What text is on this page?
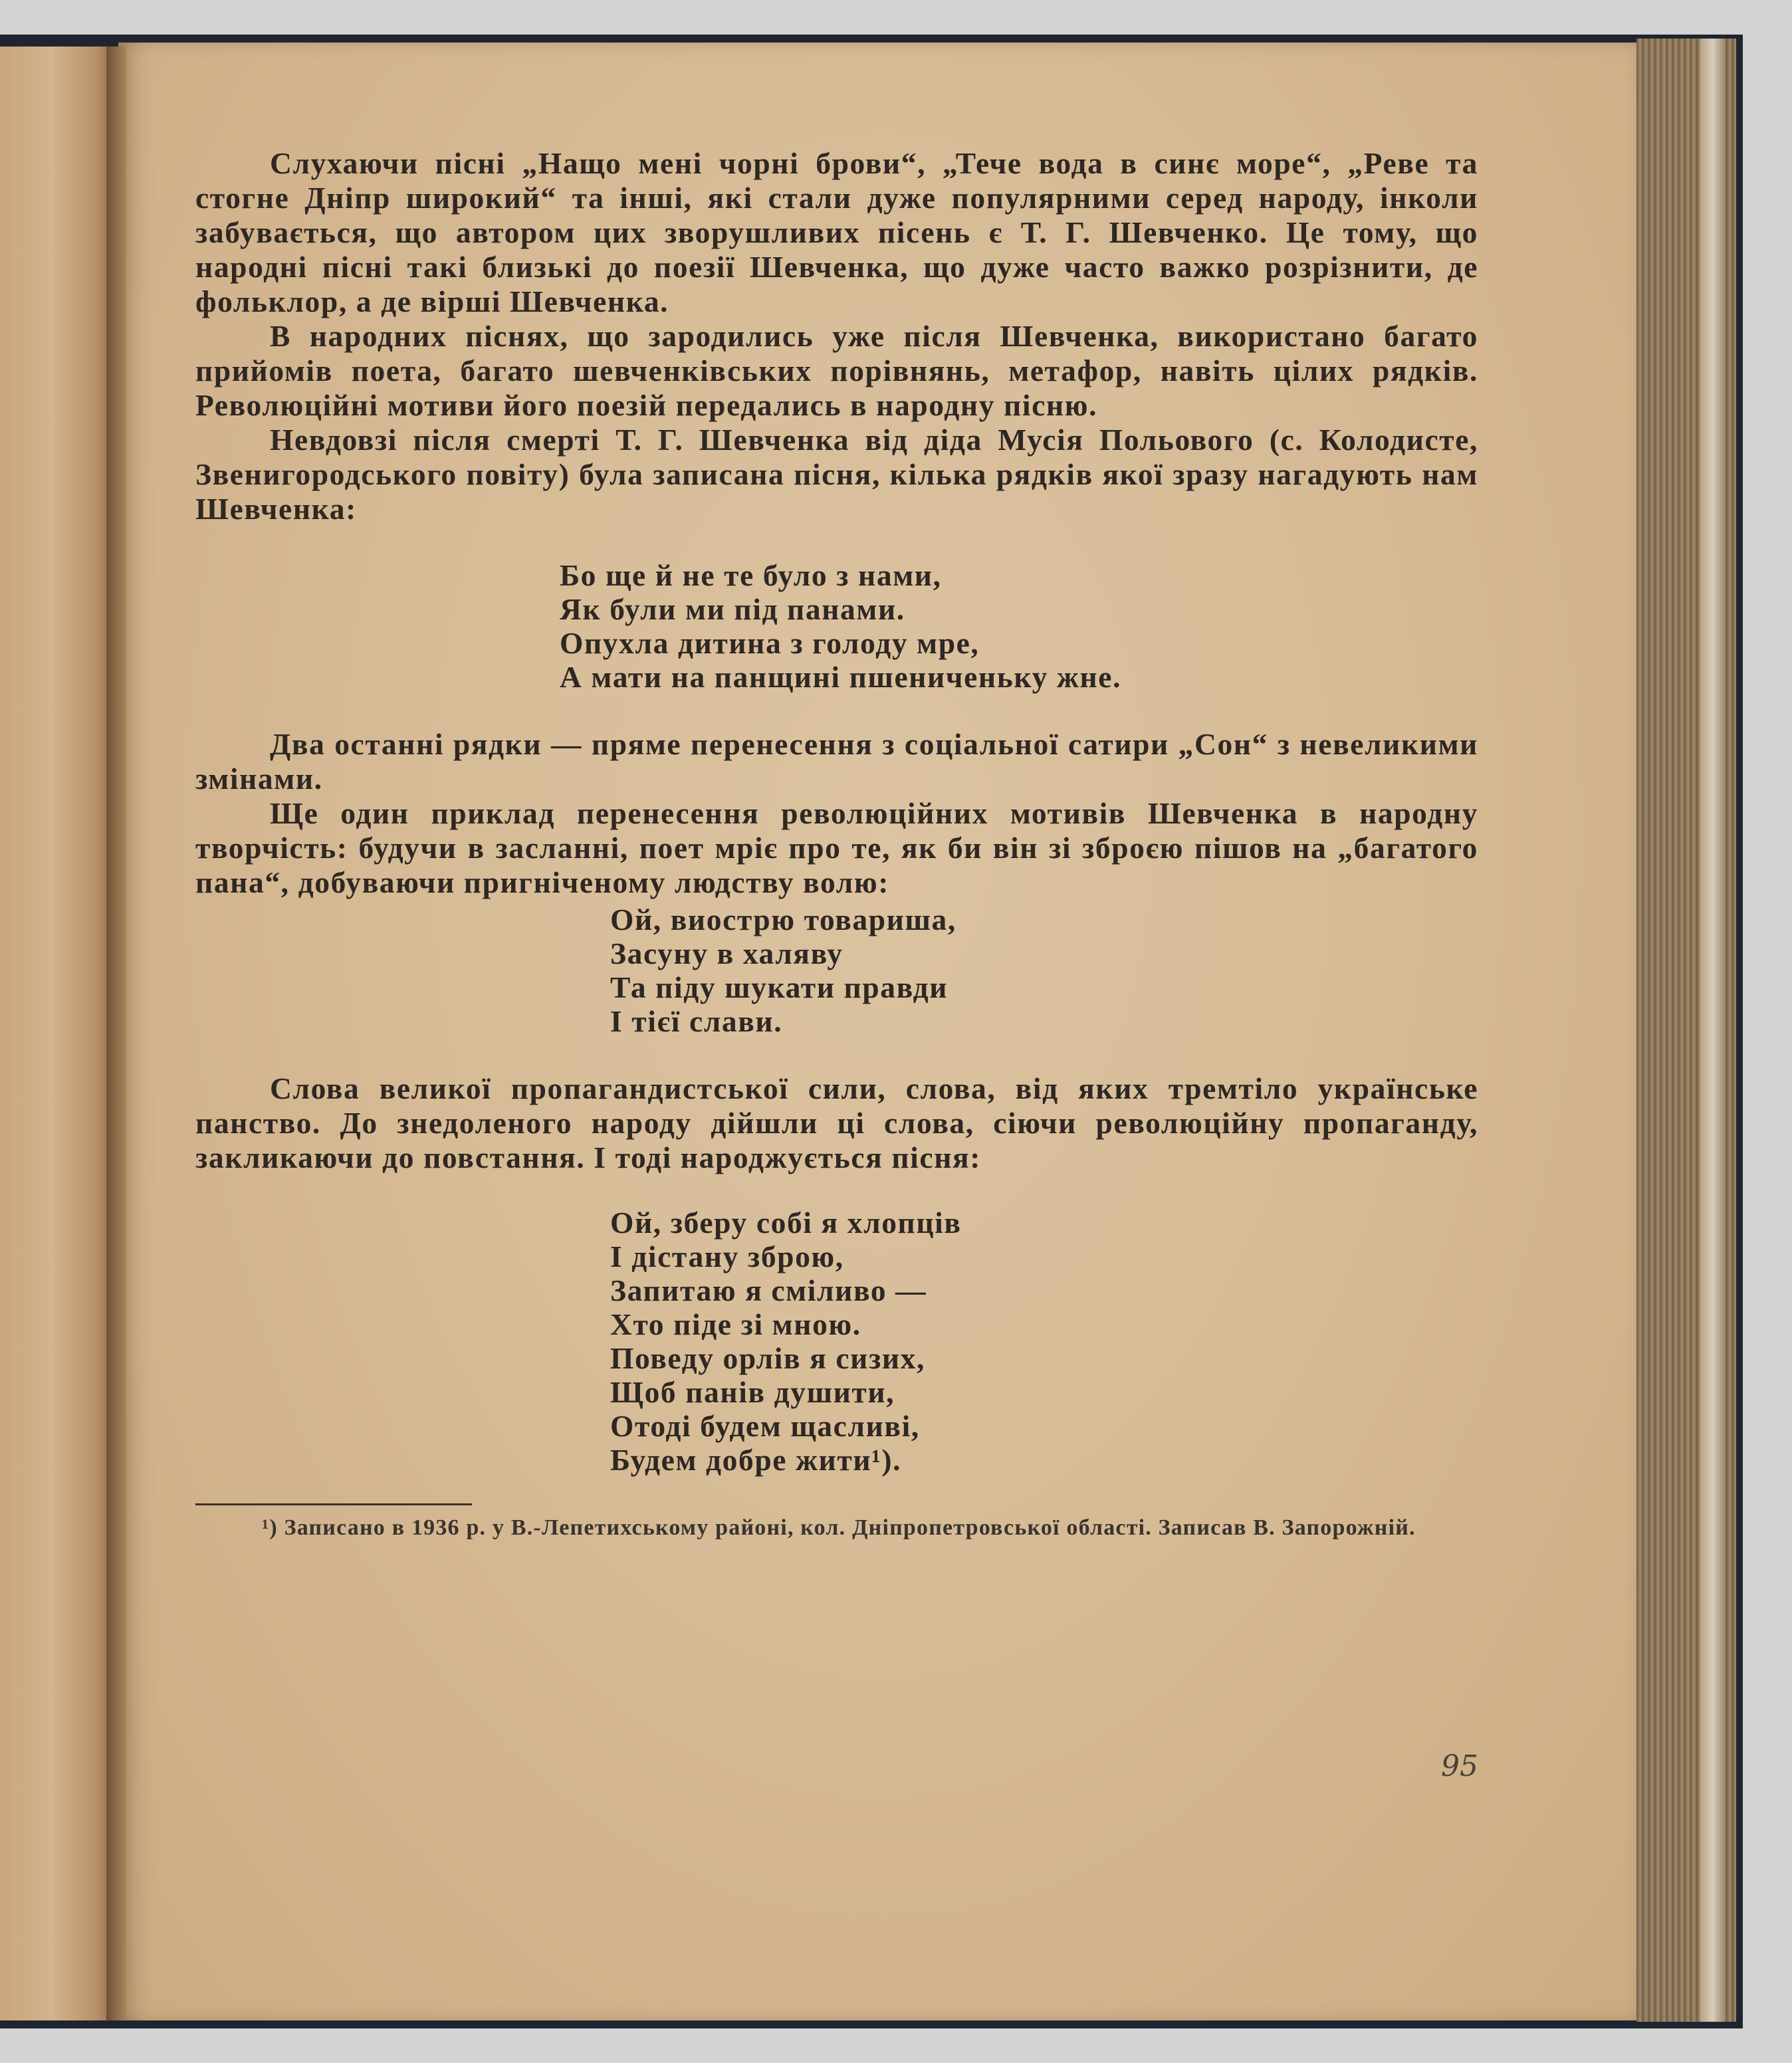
Слухаючи пісні „Нащо мені чорні брови“, „Тече вода в синє море“, „Реве та стогне Дніпр широкий“ та інші, які стали дуже популярними серед народу, інколи забувається, що автором цих зворушливих пісень є Т. Г. Шевченко. Це тому, що народні пісні такі близькі до поезії Шевченка, що дуже часто важко розрізнити, де фольклор, а де вірші Шевченка.

В народних піснях, що зародились уже після Шевченка, використано багато прийомів поета, багато шевченківських порівнянь, метафор, навіть цілих рядків. Революційні мотиви його поезій передались в народну пісню.

Невдовзі після смерті Т. Г. Шевченка від діда Мусія Польового (с. Колодисте, Звенигородського повіту) була записана пісня, кілька рядків якої зразу нагадують нам Шевченка:

Бо ще й не те було з нами,
Як були ми під панами.
Опухла дитина з голоду мре,
А мати на панщині пшениченьку жне.

Два останні рядки — пряме перенесення з соціальної сатири „Сон“ з невеликими змінами.

Ще один приклад перенесення революційних мотивів Шевченка в народну творчість: будучи в засланні, поет мріє про те, як би він зі зброєю пішов на „багатого пана“, добуваючи пригніченому людству волю:

Ой, виострю товариша,
Засуну в халяву
Та піду шукати правди
І тієї слави.

Слова великої пропагандистської сили, слова, від яких тремтіло українське панство. До знедоленого народу дійшли ці слова, сіючи революційну пропаганду, закликаючи до повстання. І тоді народжується пісня:

Ой, зберу собі я хлопців
І дістану зброю,
Запитаю я сміливо —
Хто піде зі мною.
Поведу орлів я сизих,
Щоб панів душити,
Отоді будем щасливі,
Будем добре жити¹).

¹) Записано в 1936 р. у В.-Лепетихському районі, кол. Дніпропетровської області. Записав В. Запорожній.

95
